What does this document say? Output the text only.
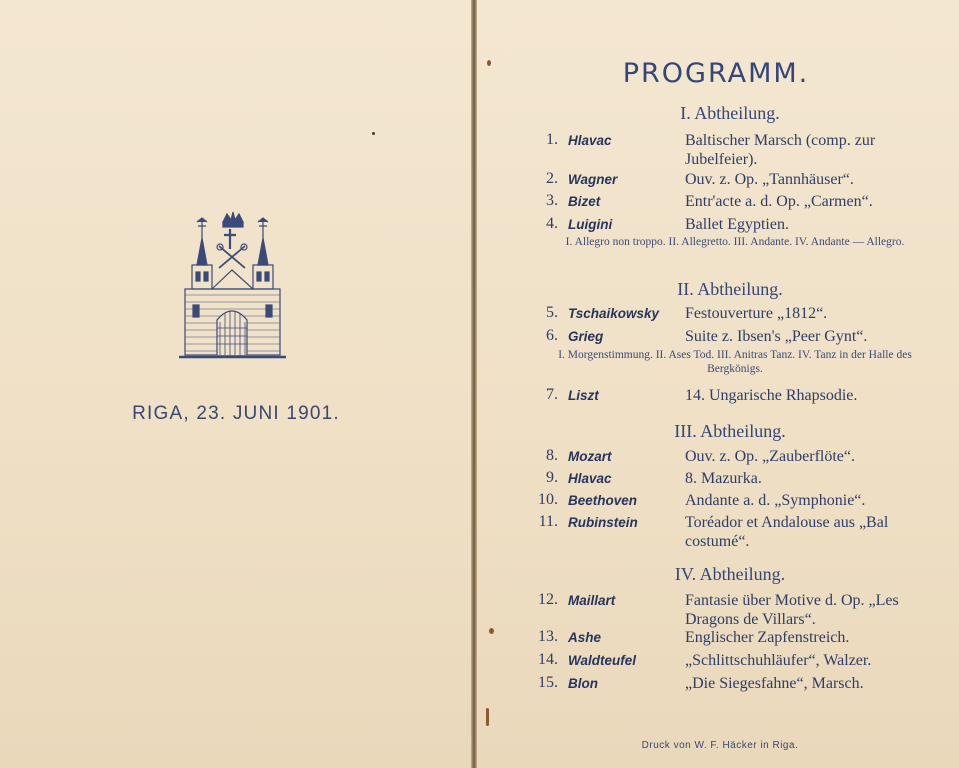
RIGA, 23. JUNI 1901.
PROGRAMM.
I. Abtheilung.
1. Hlavac	Baltischer Marsch (comp. zur Jubelfeier).
2. Wagner	Ouv. z. Op. „Tannhäuser“.
3. Bizet	Entr'acte a. d. Op. „Carmen“.
4. Luigini	Ballet Egyptien.
I. Allegro non troppo. II. Allegretto. III. Andante. IV. Andante — Allegro.
II. Abtheilung.
5. Tschaikowsky Festouverture „1812“.
6. Grieg	Suite z. Ibsen's „Peer Gynt“.
I. Morgenstimmung. II. Ases Tod. III. Anitras Tanz. IV. Tanz in der Halle des Bergkönigs.
7. Liszt	14. Ungarische Rhapsodie.
III. Abtheilung.
8. Mozart	Ouv. z. Op. „Zauberflöte“.
9. Hlavac	8. Mazurka.
10. Beethoven	Andante a. d. „Symphonie“.
11. Rubinstein	Toréador et Andalouse aus „Bal costumé“.
IV. Abtheilung.
12. Maillart	Fantasie über Motive d. Op. „Les Dragons de Villars“.
13. Ashe	Englischer Zapfenstreich.
14. Waldteufel	„Schlittschuhläufer“, Walzer.
15. Blon	„Die Siegesfahne“, Marsch.
Druck von W. F. Häcker in Riga.
